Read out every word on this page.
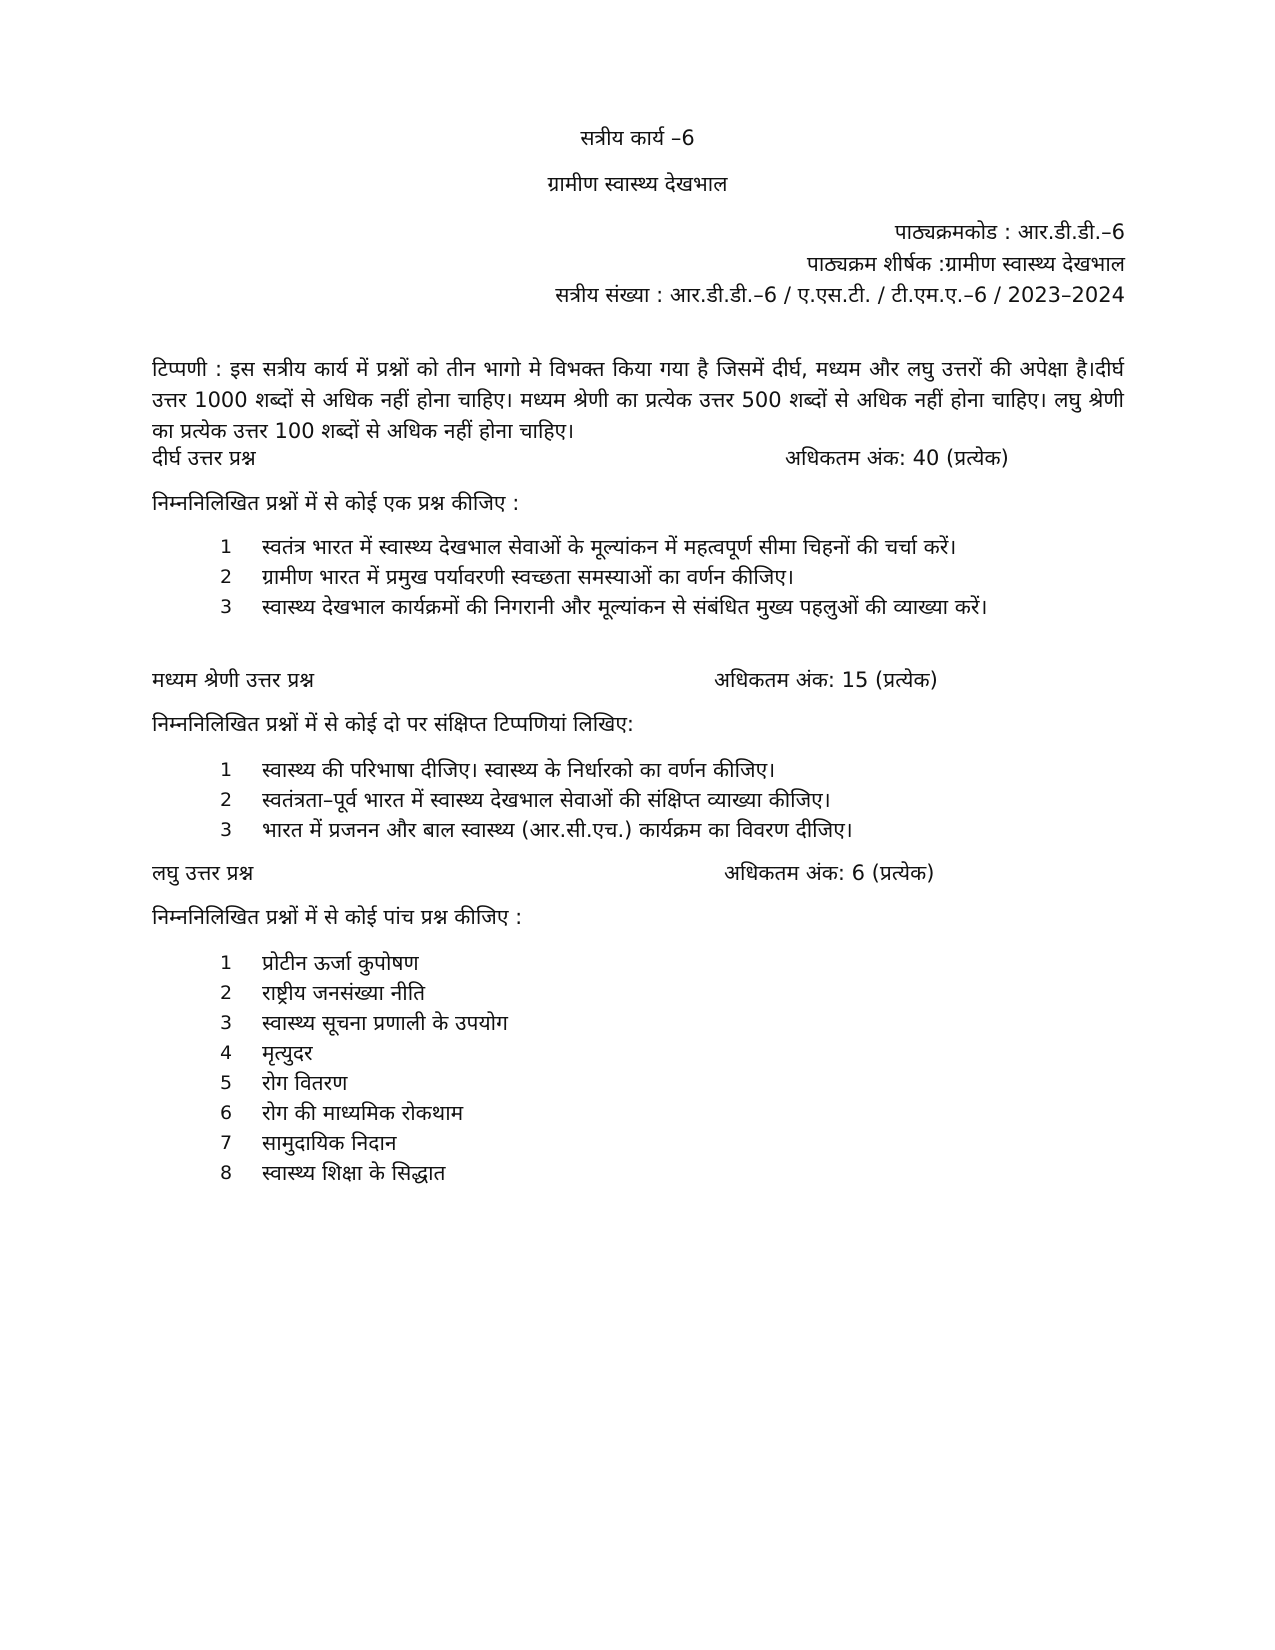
सत्रीय कार्य –6
ग्रामीण स्वास्थ्य देखभाल
पाठ्यक्रमकोड : आर.डी.डी.–6
पाठ्यक्रम शीर्षक :ग्रामीण स्वास्थ्य देखभाल
सत्रीय संख्या : आर.डी.डी.–6 / ए.एस.टी. / टी.एम.ए.–6 / 2023–2024
टिप्पणी : इस सत्रीय कार्य में प्रश्नों को तीन भागो मे विभक्त किया गया है जिसमें दीर्घ, मध्यम और लघु उत्तरों की अपेक्षा है।दीर्घ उत्तर 1000 शब्दों से अधिक नहीं होना चाहिए। मध्यम श्रेणी का प्रत्येक उत्तर 500 शब्दों से अधिक नहीं होना चाहिए। लघु श्रेणी का प्रत्येक उत्तर 100 शब्दों से अधिक नहीं होना चाहिए।
दीर्घ उत्तर प्रश्न	अधिकतम अंक: 40 (प्रत्येक)
निम्ननिलिखित प्रश्नों में से कोई एक प्रश्न कीजिए :
1	स्वतंत्र भारत में स्वास्थ्य देखभाल सेवाओं के मूल्यांकन में महत्वपूर्ण सीमा चिहनों की चर्चा करें।
2	ग्रामीण भारत में प्रमुख पर्यावरणी स्वच्छता समस्याओं का वर्णन कीजिए।
3	स्वास्थ्य देखभाल कार्यक्रमों की निगरानी और मूल्यांकन से संबंधित मुख्य पहलुओं की व्याख्या करें।
मध्यम श्रेणी उत्तर प्रश्न	अधिकतम अंक: 15 (प्रत्येक)
निम्ननिलिखित प्रश्नों में से कोई दो पर संक्षिप्त टिप्पणियां लिखिए:
1	स्वास्थ्य की परिभाषा दीजिए। स्वास्थ्य के निर्धारको का वर्णन कीजिए।
2	स्वतंत्रता–पूर्व भारत में स्वास्थ्य देखभाल सेवाओं की संक्षिप्त व्याख्या कीजिए।
3	भारत में प्रजनन और बाल स्वास्थ्य (आर.सी.एच.) कार्यक्रम का विवरण दीजिए।
लघु उत्तर प्रश्न	अधिकतम अंक: 6 (प्रत्येक)
निम्ननिलिखित प्रश्नों में से कोई पांच प्रश्न कीजिए :
1	प्रोटीन ऊर्जा कुपोषण
2	राष्ट्रीय जनसंख्या नीति
3	स्वास्थ्य सूचना प्रणाली के उपयोग
4	मृत्युदर
5	रोग वितरण
6	रोग की माध्यमिक रोकथाम
7	सामुदायिक निदान
8	स्वास्थ्य शिक्षा के सिद्धात
